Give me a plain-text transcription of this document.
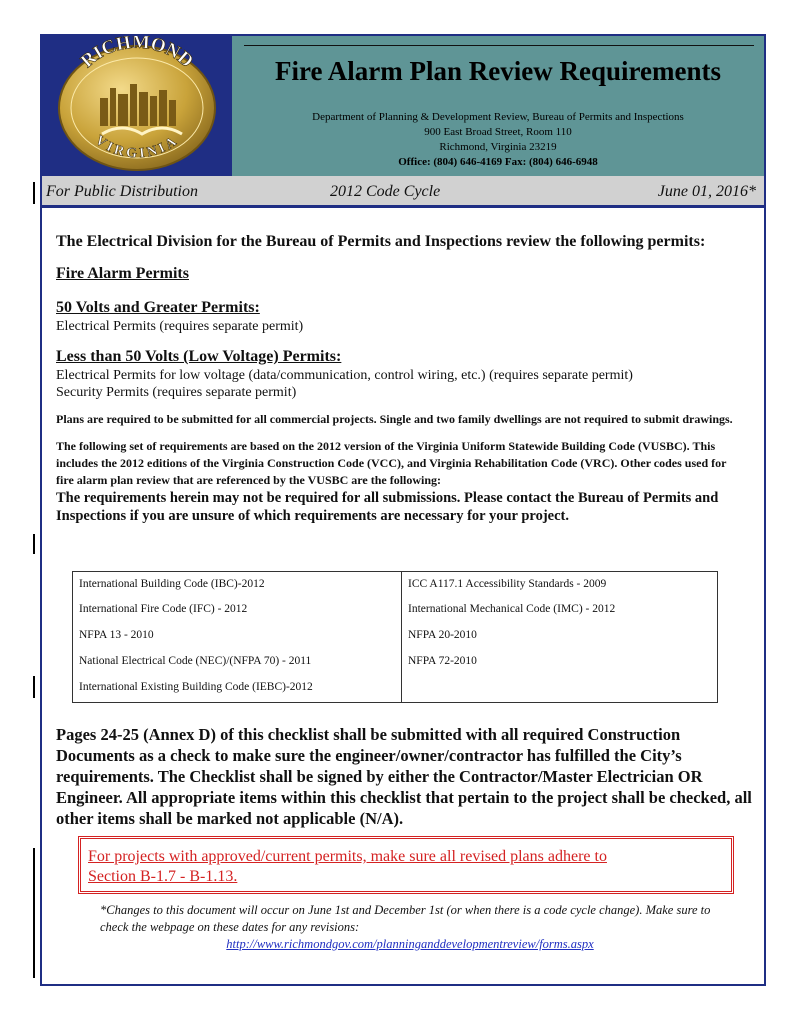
RICHMOND
VIRGINIA
Fire Alarm Plan Review Requirements
Department of Planning & Development Review, Bureau of Permits and Inspections
900 East Broad Street, Room 110
Richmond, Virginia 23219
Office: (804) 646-4169 Fax: (804) 646-6948
For Public Distribution	2012 Code Cycle	June 01, 2016*

The Electrical Division for the Bureau of Permits and Inspections review the following permits:

Fire Alarm Permits

50 Volts and Greater Permits:

Electrical Permits (requires separate permit)

Less than 50 Volts (Low Voltage) Permits:

Electrical Permits for low voltage (data/communication, control wiring, etc.) (requires separate permit)

Security Permits (requires separate permit)

Plans are required to be submitted for all commercial projects. Single and two family dwellings are not required to submit drawings.

The following set of requirements are based on the 2012 version of the Virginia Uniform Statewide Building Code (VUSBC). This includes the 2012 editions of the Virginia Construction Code (VCC), and Virginia Rehabilitation Code (VRC). Other codes used for fire alarm plan review that are referenced by the VUSBC are the following:

The requirements herein may not be required for all submissions. Please contact the Bureau of Permits and Inspections if you are unsure of which requirements are necessary for your project.

International Building Code (IBC)-2012
International Fire Code (IFC) - 2012
NFPA 13 - 2010
National Electrical Code (NEC)/(NFPA 70) - 2011
International Existing Building Code (IEBC)-2012
ICC A117.1 Accessibility Standards - 2009
International Mechanical Code (IMC) - 2012
NFPA 20-2010
NFPA 72-2010
Pages 24-25 (Annex D) of this checklist shall be submitted with all required Construction Documents as a check to make sure the engineer/owner/contractor has fulfilled the City’s requirements. The Checklist shall be signed by either the Contractor/Master Electrician OR Engineer. All appropriate items within this checklist that pertain to the project shall be checked, all other items shall be marked not applicable (N/A).
For projects with approved/current permits, make sure all revised plans adhere to
Section B-1.7 - B-1.13.
*Changes to this document will occur on June 1st and December 1st (or when there is a code cycle change). Make sure to check the webpage on these dates for any revisions:
http://www.richmondgov.com/planninganddevelopmentreview/forms.aspx
